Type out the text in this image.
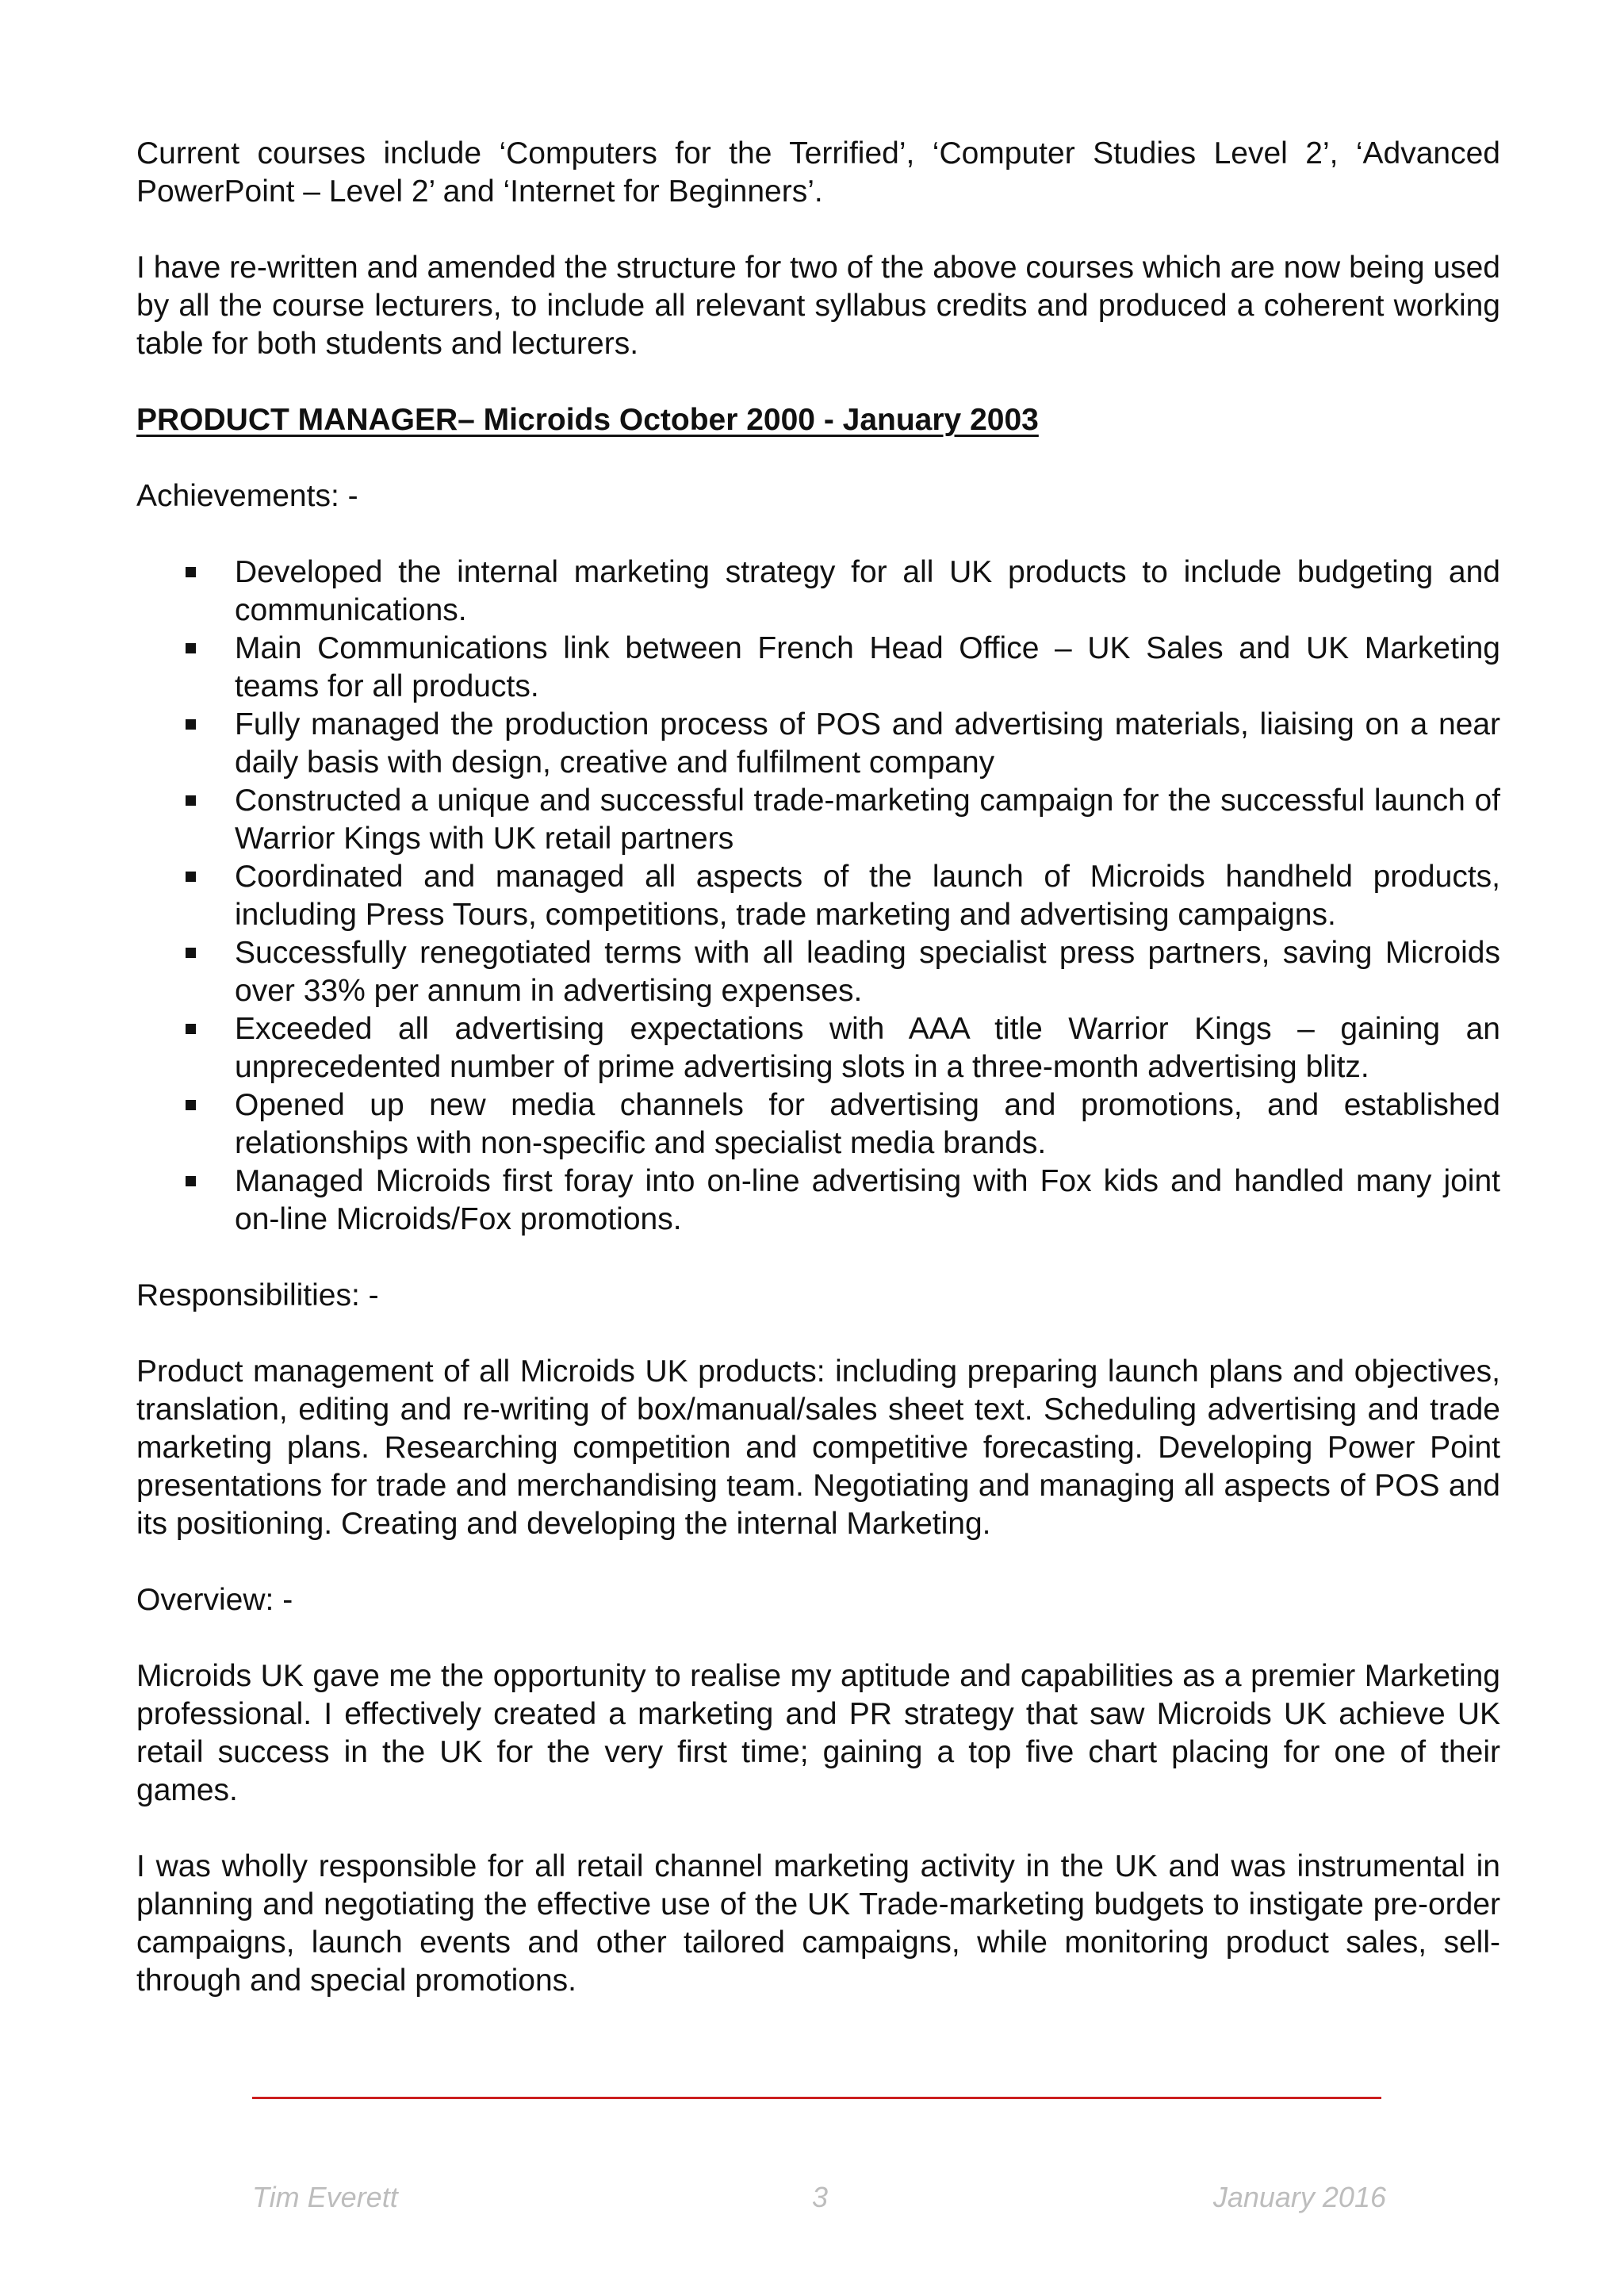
Current courses include ‘Computers for the Terrified’, ‘Computer Studies Level 2’, ‘Advanced PowerPoint – Level 2’ and ‘Internet for Beginners’.

I have re-written and amended the structure for two of the above courses which are now being used by all the course lecturers, to include all relevant syllabus credits and produced a coherent working table for both students and lecturers.

PRODUCT MANAGER– Microids October 2000 - January 2003

Achievements: -

Developed the internal marketing strategy for all UK products to include budgeting and communications.
Main Communications link between French Head Office – UK Sales and UK Marketing teams for all products.
Fully managed the production process of POS and advertising materials, liaising on a near daily basis with design, creative and fulfilment company
Constructed a unique and successful trade-marketing campaign for the successful launch of Warrior Kings with UK retail partners
Coordinated and managed all aspects of the launch of Microids handheld products, including Press Tours, competitions, trade marketing and advertising campaigns.
Successfully renegotiated terms with all leading specialist press partners, saving Microids over 33% per annum in advertising expenses.
Exceeded all advertising expectations with AAA title Warrior Kings – gaining an unprecedented number of prime advertising slots in a three-month advertising blitz.
Opened up new media channels for advertising and promotions, and established relationships with non-specific and specialist media brands.
Managed Microids first foray into on-line advertising with Fox kids and handled many joint on-line Microids/Fox promotions.

Responsibilities: -

Product management of all Microids UK products: including preparing launch plans and objectives, translation, editing and re-writing of box/manual/sales sheet text. Scheduling advertising and trade marketing plans. Researching competition and competitive forecasting. Developing Power Point presentations for trade and merchandising team. Negotiating and managing all aspects of POS and its positioning. Creating and developing the internal Marketing.

Overview: -

Microids UK gave me the opportunity to realise my aptitude and capabilities as a premier Marketing professional. I effectively created a marketing and PR strategy that saw Microids UK achieve UK retail success in the UK for the very first time; gaining a top five chart placing for one of their games.

I was wholly responsible for all retail channel marketing activity in the UK and was instrumental in planning and negotiating the effective use of the UK Trade-marketing budgets to instigate pre-order campaigns, launch events and other tailored campaigns, while monitoring product sales, sell-through and special promotions.

Tim Everett	3	January 2016
